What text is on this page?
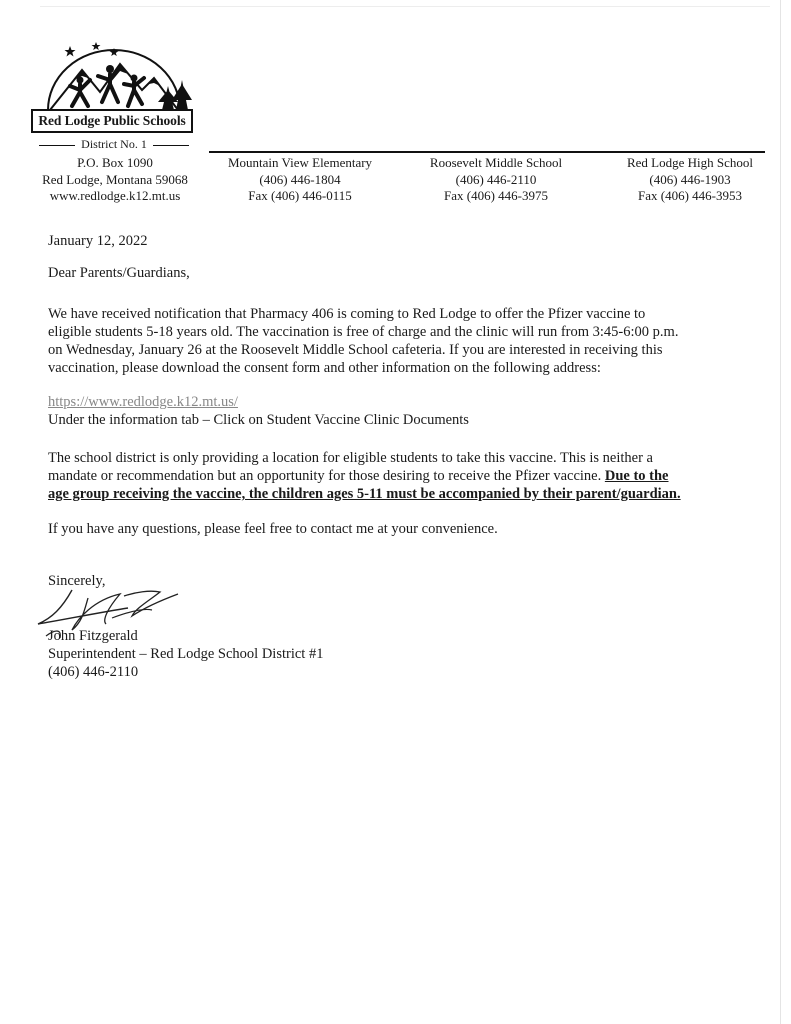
Red Lodge Public Schools
District No. 1
P.O. Box 1090
Red Lodge, Montana 59068
www.redlodge.k12.mt.us
Mountain View Elementary
(406) 446-1804
Fax (406) 446-0115
Roosevelt Middle School
(406) 446-2110
Fax (406) 446-3975
Red Lodge High School
(406) 446-1903
Fax (406) 446-3953
January 12, 2022
Dear Parents/Guardians,
We have received notification that Pharmacy 406 is coming to Red Lodge to offer the Pfizer vaccine to
eligible students 5-18 years old. The vaccination is free of charge and the clinic will run from 3:45-6:00 p.m.
on Wednesday, January 26 at the Roosevelt Middle School cafeteria. If you are interested in receiving this
vaccination, please download the consent form and other information on the following address:
https://www.redlodge.k12.mt.us/
Under the information tab – Click on Student Vaccine Clinic Documents
The school district is only providing a location for eligible students to take this vaccine. This is neither a
mandate or recommendation but an opportunity for those desiring to receive the Pfizer vaccine. Due to the
age group receiving the vaccine, the children ages 5-11 must be accompanied by their parent/guardian.
If you have any questions, please feel free to contact me at your convenience.
Sincerely,
John Fitzgerald
Superintendent – Red Lodge School District #1
(406) 446-2110
